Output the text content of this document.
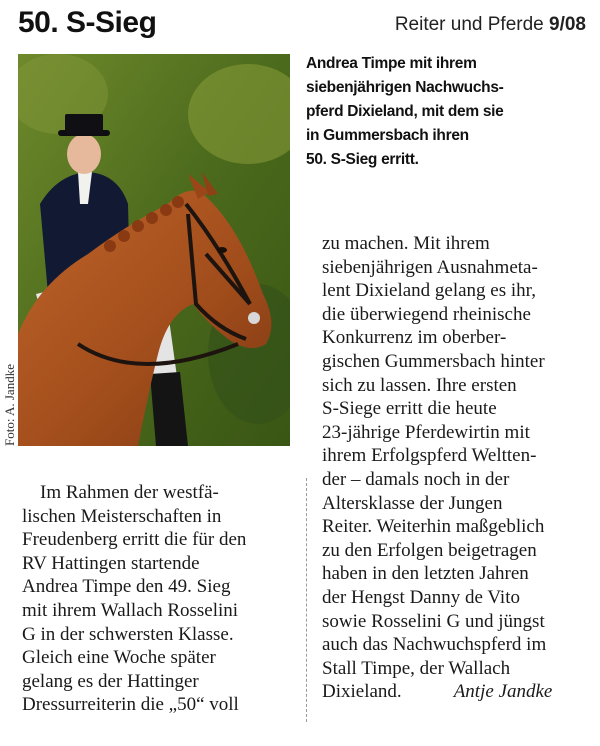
50. S-Sieg	Reiter und Pferde 9/08
Foto: A. Jandke

Andrea Timpe mit ihrem
siebenjährigen Nachwuchs-
pferd Dixieland, mit dem sie
in Gummersbach ihren
50. S-Sieg erritt.

Im Rahmen der westfä-
lischen Meisterschaften in
Freudenberg erritt die für den
RV Hattingen startende
Andrea Timpe den 49. Sieg
mit ihrem Wallach Rosselini
G in der schwersten Klasse.
Gleich eine Woche später
gelang es der Hattinger
Dressurreiterin die „50“ voll

zu machen. Mit ihrem
siebenjährigen Ausnahmeta-
lent Dixieland gelang es ihr,
die überwiegend rheinische
Konkurrenz im oberber-
gischen Gummersbach hinter
sich zu lassen. Ihre ersten
S-Siege erritt die heute
23-jährige Pferdewirtin mit
ihrem Erfolgspferd Weltten-
der – damals noch in der
Altersklasse der Jungen
Reiter. Weiterhin maßgeblich
zu den Erfolgen beigetragen
haben in den letzten Jahren
der Hengst Danny de Vito
sowie Rosselini G und jüngst
auch das Nachwuchspferd im
Stall Timpe, der Wallach
Dixieland.	Antje Jandke
